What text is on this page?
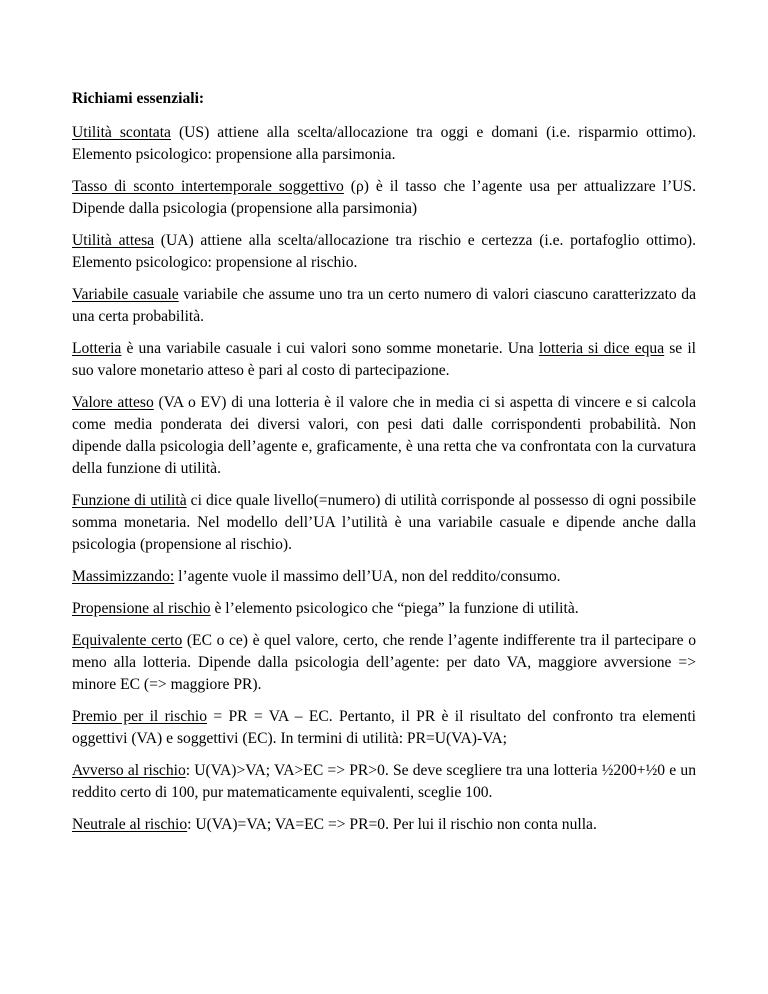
Richiami essenziali:

Utilità scontata (US) attiene alla scelta/allocazione tra oggi e domani (i.e. risparmio ottimo). Elemento psicologico: propensione alla parsimonia.

Tasso di sconto intertemporale soggettivo (ρ) è il tasso che l’agente usa per attualizzare l’US. Dipende dalla psicologia (propensione alla parsimonia)

Utilità attesa (UA) attiene alla scelta/allocazione tra rischio e certezza (i.e. portafoglio ottimo). Elemento psicologico: propensione al rischio.

Variabile casuale variabile che assume uno tra un certo numero di valori ciascuno caratterizzato da una certa probabilità.

Lotteria è una variabile casuale i cui valori sono somme monetarie. Una lotteria si dice equa se il suo valore monetario atteso è pari al costo di partecipazione.

Valore atteso (VA o EV) di una lotteria è il valore che in media ci si aspetta di vincere e si calcola come media ponderata dei diversi valori, con pesi dati dalle corrispondenti probabilità. Non dipende dalla psicologia dell’agente e, graficamente, è una retta che va confrontata con la curvatura della funzione di utilità.

Funzione di utilità ci dice quale livello(=numero) di utilità corrisponde al possesso di ogni possibile somma monetaria. Nel modello dell’UA l’utilità è una variabile casuale e dipende anche dalla psicologia (propensione al rischio).

Massimizzando: l’agente vuole il massimo dell’UA, non del reddito/consumo.

Propensione al rischio è l’elemento psicologico che “piega” la funzione di utilità.

Equivalente certo (EC o ce) è quel valore, certo, che rende l’agente indifferente tra il partecipare o meno alla lotteria. Dipende dalla psicologia dell’agente: per dato VA, maggiore avversione => minore EC (=> maggiore PR).

Premio per il rischio = PR = VA – EC. Pertanto, il PR è il risultato del confronto tra elementi oggettivi (VA) e soggettivi (EC). In termini di utilità: PR=U(VA)-VA;

Avverso al rischio: U(VA)>VA; VA>EC => PR>0. Se deve scegliere tra una lotteria ½200+½0 e un reddito certo di 100, pur matematicamente equivalenti, sceglie 100.

Neutrale al rischio: U(VA)=VA; VA=EC => PR=0. Per lui il rischio non conta nulla.
